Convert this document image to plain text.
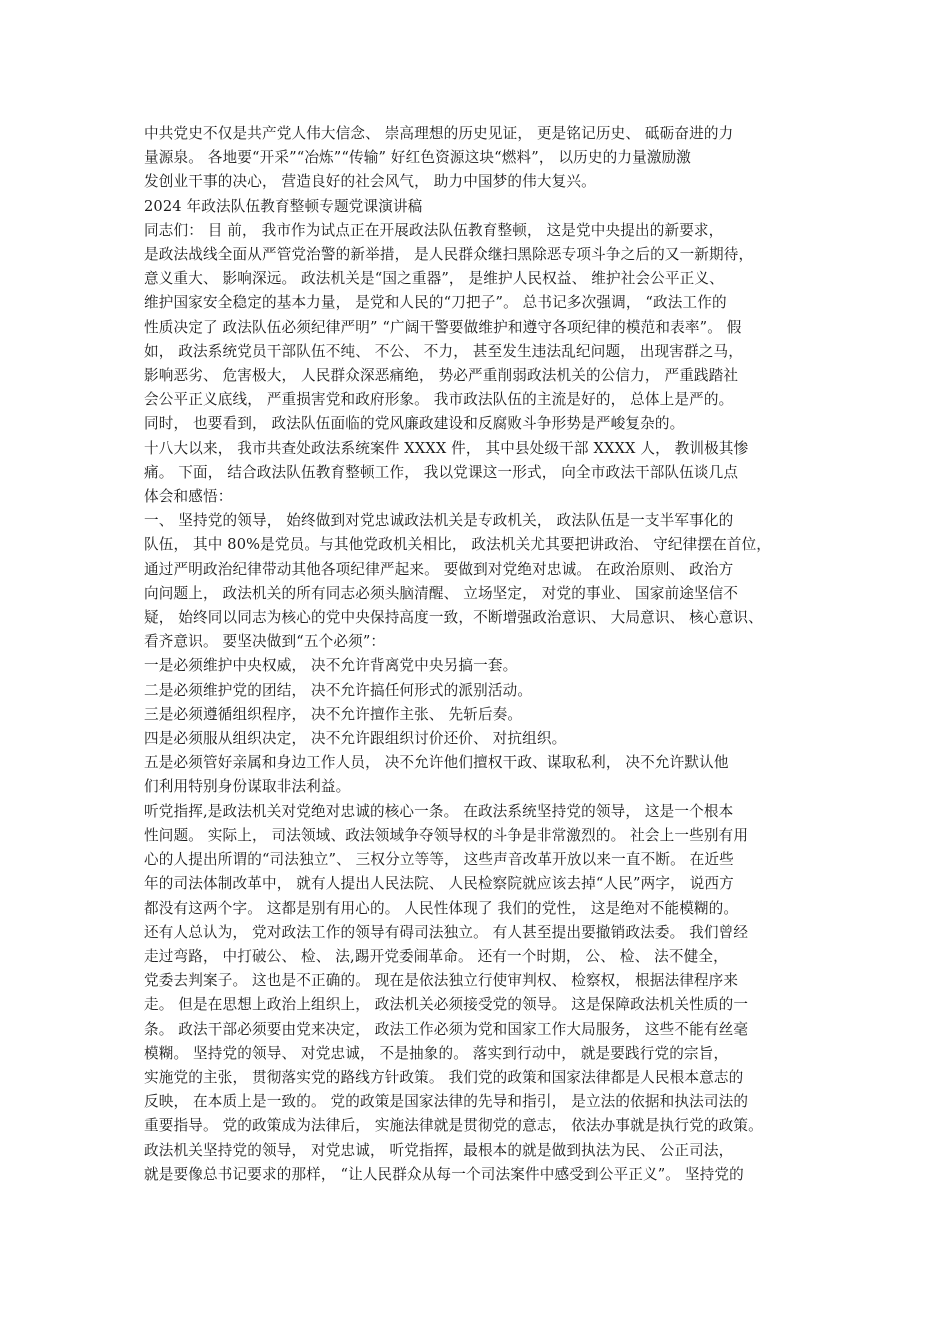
中共党史不仅是共产党人伟大信念、 崇高理想的历史见证， 更是铭记历史、 砥砺奋进的力
量源泉。 各地要“开采”“冶炼”“传输” 好红色资源这块“燃料”， 以历史的力量激励激
发创业干事的决心， 营造良好的社会风气， 助力中国梦的伟大复兴。
2024 年政法队伍教育整顿专题党课演讲稿
同志们： 目 前， 我市作为试点正在开展政法队伍教育整顿， 这是党中央提出的新要求，
是政法战线全面从严管党治警的新举措， 是人民群众继扫黑除恶专项斗争之后的又一新期待，
意义重大、 影响深远。 政法机关是“国之重器”， 是维护人民权益、 维护社会公平正义、
维护国家安全稳定的基本力量， 是党和人民的“刀把子”。 总书记多次强调， “政法工作的
性质决定了 政法队伍必须纪律严明” “广阔干警要做维护和遵守各项纪律的模范和表率”。 假
如， 政法系统党员干部队伍不纯、 不公、 不力， 甚至发生违法乱纪问题， 出现害群之马，
影响恶劣、 危害极大， 人民群众深恶痛绝， 势必严重削弱政法机关的公信力， 严重践踏社
会公平正义底线， 严重损害党和政府形象。 我市政法队伍的主流是好的， 总体上是严的。
同时， 也要看到， 政法队伍面临的党风廉政建设和反腐败斗争形势是严峻复杂的。
十八大以来， 我市共查处政法系统案件 XXXX 件， 其中县处级干部 XXXX 人， 教训极其惨
痛。 下面， 结合政法队伍教育整顿工作， 我以党课这一形式， 向全市政法干部队伍谈几点
体会和感悟：
一、 坚持党的领导， 始终做到对党忠诚政法机关是专政机关， 政法队伍是一支半军事化的
队伍， 其中 80%是党员。与其他党政机关相比， 政法机关尤其要把讲政治、 守纪律摆在首位，
通过严明政治纪律带动其他各项纪律严起来。 要做到对党绝对忠诚。 在政治原则、 政治方
向问题上， 政法机关的所有同志必须头脑清醒、 立场坚定， 对党的事业、 国家前途坚信不
疑， 始终同以同志为核心的党中央保持高度一致，不断增强政治意识、 大局意识、 核心意识、
看齐意识。 要坚决做到“五个必须”：
一是必须维护中央权威， 决不允许背离党中央另搞一套。
二是必须维护党的团结， 决不允许搞任何形式的派别活动。
三是必须遵循组织程序， 决不允许擅作主张、 先斩后奏。
四是必须服从组织决定， 决不允许跟组织讨价还价、 对抗组织。
五是必须管好亲属和身边工作人员， 决不允许他们擅权干政、谋取私利， 决不允许默认他
们利用特别身份谋取非法利益。
听党指挥,是政法机关对党绝对忠诚的核心一条。 在政法系统坚持党的领导， 这是一个根本
性问题。 实际上， 司法领域、政法领域争夺领导权的斗争是非常激烈的。 社会上一些别有用
心的人提出所谓的“司法独立”、 三权分立等等， 这些声音改革开放以来一直不断。 在近些
年的司法体制改革中， 就有人提出人民法院、 人民检察院就应该去掉“人民”两字， 说西方
都没有这两个字。 这都是别有用心的。 人民性体现了 我们的党性， 这是绝对不能模糊的。
还有人总认为， 党对政法工作的领导有碍司法独立。 有人甚至提出要撤销政法委。 我们曾经
走过弯路， 中打破公、 检、 法,踢开党委闹革命。 还有一个时期， 公、 检、 法不健全，
党委去判案子。 这也是不正确的。 现在是依法独立行使审判权、 检察权， 根据法律程序来
走。 但是在思想上政治上组织上， 政法机关必须接受党的领导。 这是保障政法机关性质的一
条。 政法干部必须要由党来决定， 政法工作必须为党和国家工作大局服务， 这些不能有丝毫
模糊。 坚持党的领导、 对党忠诚， 不是抽象的。 落实到行动中， 就是要践行党的宗旨，
实施党的主张， 贯彻落实党的路线方针政策。 我们党的政策和国家法律都是人民根本意志的
反映， 在本质上是一致的。 党的政策是国家法律的先导和指引， 是立法的依据和执法司法的
重要指导。 党的政策成为法律后， 实施法律就是贯彻党的意志， 依法办事就是执行党的政策。
政法机关坚持党的领导， 对党忠诚， 听党指挥，最根本的就是做到执法为民、 公正司法，
就是要像总书记要求的那样， “让人民群众从每一个司法案件中感受到公平正义”。 坚持党的
